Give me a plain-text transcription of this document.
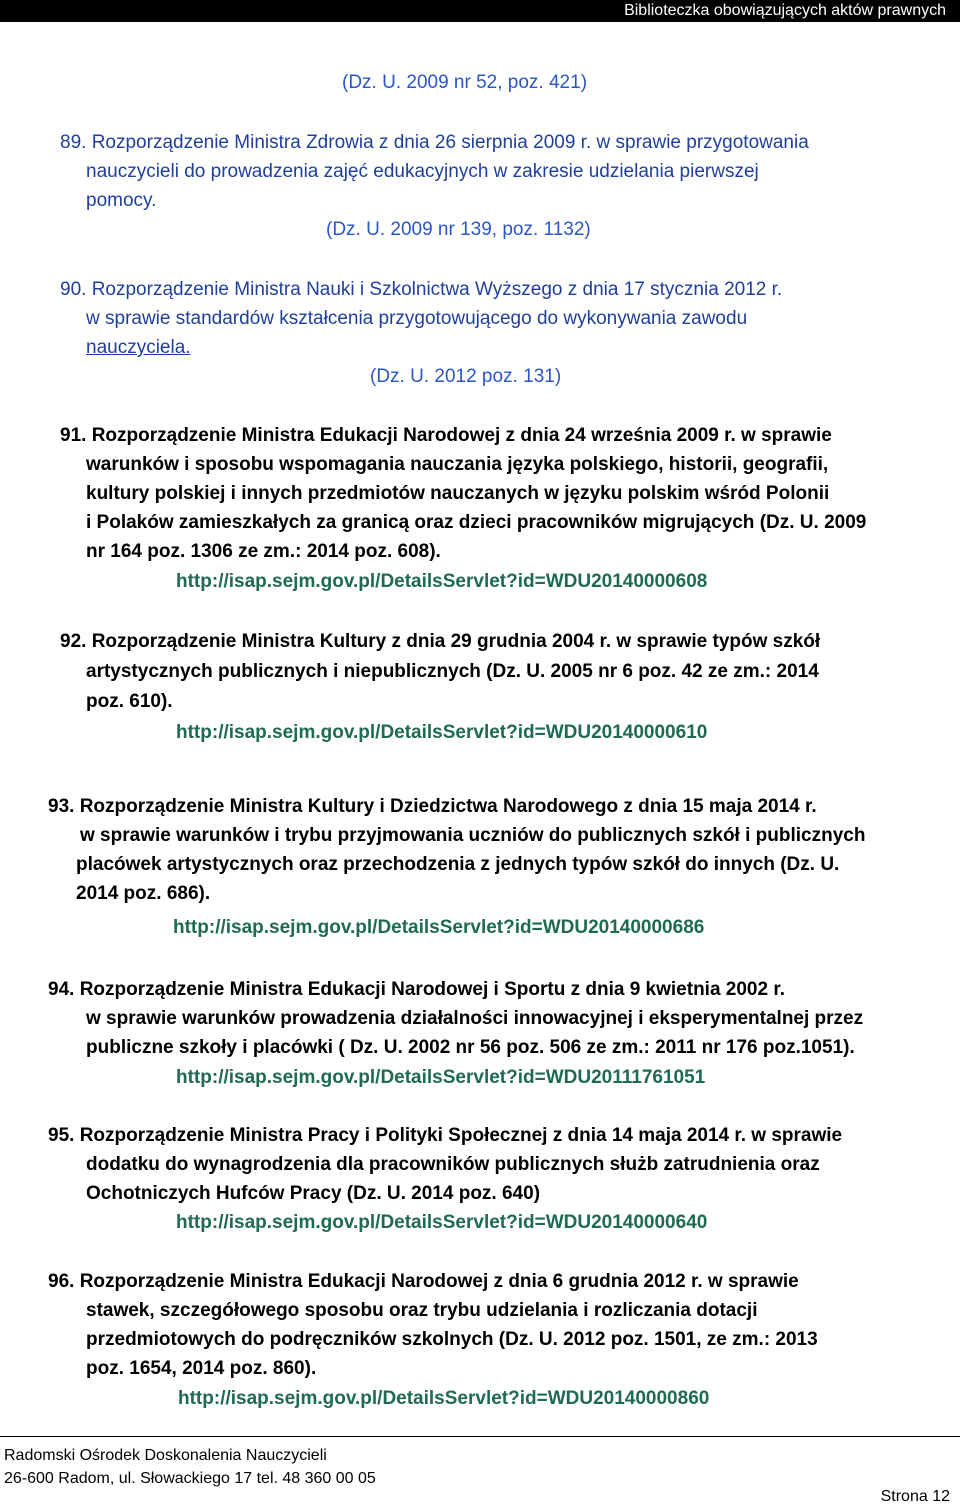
Biblioteczka obowiązujących aktów prawnych
(Dz. U. 2009 nr 52, poz. 421)
89. Rozporządzenie Ministra Zdrowia z dnia 26 sierpnia 2009 r. w sprawie przygotowania
nauczycieli do prowadzenia zajęć edukacyjnych w zakresie udzielania pierwszej
pomocy.
(Dz. U. 2009 nr 139, poz. 1132)
90. Rozporządzenie Ministra Nauki i Szkolnictwa Wyższego z dnia 17 stycznia 2012 r.
w sprawie standardów kształcenia przygotowującego do wykonywania zawodu
nauczyciela.
(Dz. U. 2012 poz. 131)
91. Rozporządzenie Ministra Edukacji Narodowej z dnia 24 września 2009 r. w sprawie
warunków i sposobu wspomagania nauczania języka polskiego, historii, geografii,
kultury polskiej i innych przedmiotów nauczanych w języku polskim wśród Polonii
i Polaków zamieszkałych za granicą oraz dzieci pracowników migrujących (Dz. U. 2009
nr 164 poz. 1306 ze zm.: 2014 poz. 608).
http://isap.sejm.gov.pl/DetailsServlet?id=WDU20140000608
92. Rozporządzenie Ministra Kultury z dnia 29 grudnia 2004 r. w sprawie typów szkół
artystycznych publicznych i niepublicznych (Dz. U. 2005 nr 6 poz. 42 ze zm.: 2014
poz. 610).
http://isap.sejm.gov.pl/DetailsServlet?id=WDU20140000610
93. Rozporządzenie Ministra Kultury i Dziedzictwa Narodowego z dnia 15 maja 2014 r.
w sprawie warunków i trybu przyjmowania uczniów do publicznych szkół i publicznych
placówek artystycznych oraz przechodzenia z jednych typów szkół do innych (Dz. U.
2014 poz. 686).
http://isap.sejm.gov.pl/DetailsServlet?id=WDU20140000686
94. Rozporządzenie Ministra Edukacji Narodowej i Sportu z dnia 9 kwietnia 2002 r.
w sprawie warunków prowadzenia działalności innowacyjnej i eksperymentalnej przez
publiczne szkoły i placówki ( Dz. U. 2002 nr 56 poz. 506 ze zm.: 2011 nr 176 poz.1051).
http://isap.sejm.gov.pl/DetailsServlet?id=WDU20111761051
95. Rozporządzenie Ministra Pracy i Polityki Społecznej z dnia 14 maja 2014 r. w sprawie
dodatku do wynagrodzenia dla pracowników publicznych służb zatrudnienia oraz
Ochotniczych Hufców Pracy (Dz. U. 2014 poz. 640)
http://isap.sejm.gov.pl/DetailsServlet?id=WDU20140000640
96. Rozporządzenie Ministra Edukacji Narodowej z dnia 6 grudnia 2012 r. w sprawie
stawek, szczegółowego sposobu oraz trybu udzielania i rozliczania dotacji
przedmiotowych do podręczników szkolnych (Dz. U. 2012 poz. 1501, ze zm.: 2013
poz. 1654, 2014 poz. 860).
http://isap.sejm.gov.pl/DetailsServlet?id=WDU20140000860
Radomski Ośrodek Doskonalenia Nauczycieli
26-600 Radom, ul. Słowackiego 17 tel. 48 360 00 05
Strona 12
